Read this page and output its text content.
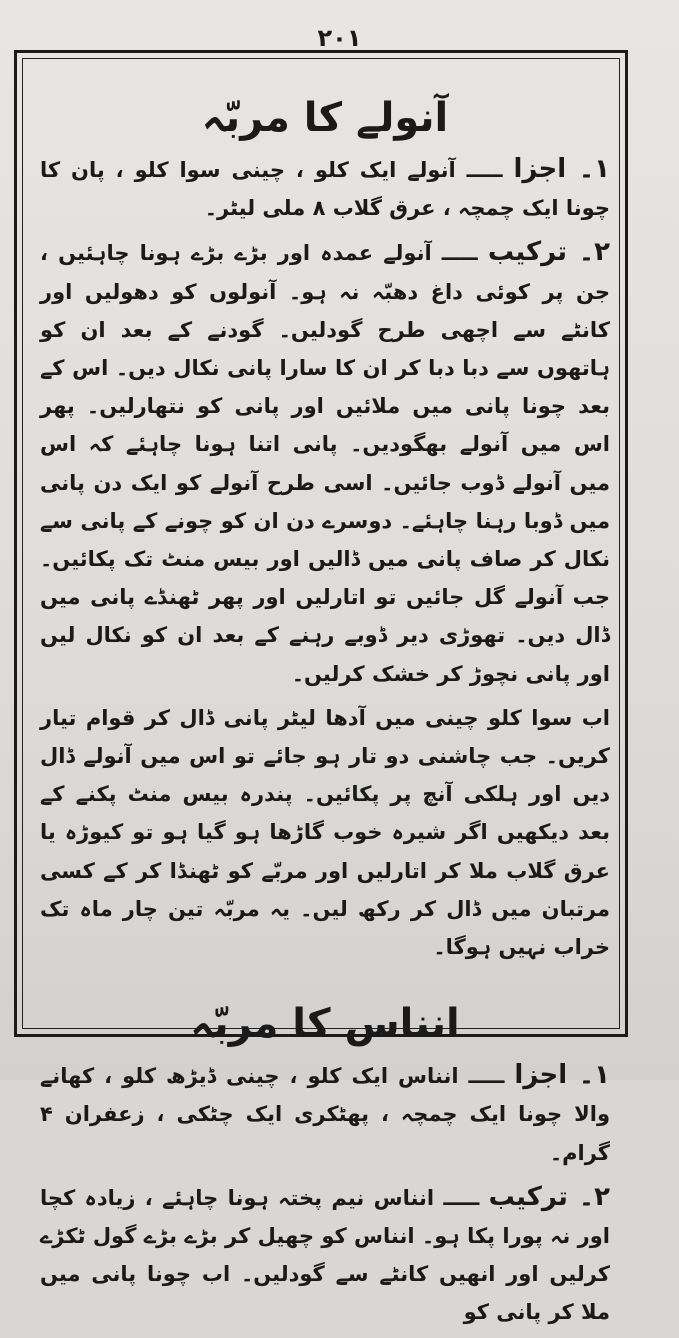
۲۰۱
آنولے کا مربّہ

۱۔ اجزا ـــــ آنولے ایک کلو ، چینی سوا کلو ، پان کا چونا ایک چمچہ ، عرق گلاب ۸ ملی لیٹر۔

۲۔ ترکیب ـــــ آنولے عمدہ اور بڑے بڑے ہونا چاہئیں ، جن پر کوئی داغ دھبّہ نہ ہو۔ آنولوں کو دھولیں اور کانٹے سے اچھی طرح گودلیں۔ گودنے کے بعد ان کو ہاتھوں سے دبا دبا کر ان کا سارا پانی نکال دیں۔ اس کے بعد چونا پانی میں ملائیں اور پانی کو نتھارلیں۔ پھر اس میں آنولے بھگودیں۔ پانی اتنا ہونا چاہئے کہ اس میں آنولے ڈوب جائیں۔ اسی طرح آنولے کو ایک دن پانی میں ڈوبا رہنا چاہئے۔ دوسرے دن ان کو چونے کے پانی سے نکال کر صاف پانی میں ڈالیں اور بیس منٹ تک پکائیں۔ جب آنولے گل جائیں تو اتارلیں اور پھر ٹھنڈے پانی میں ڈال دیں۔ تھوڑی دیر ڈوبے رہنے کے بعد ان کو نکال لیں اور پانی نچوڑ کر خشک کرلیں۔

اب سوا کلو چینی میں آدھا لیٹر پانی ڈال کر قوام تیار کریں۔ جب چاشنی دو تار ہو جائے تو اس میں آنولے ڈال دیں اور ہلکی آنچ پر پکائیں۔ پندرہ بیس منٹ پکنے کے بعد دیکھیں اگر شیرہ خوب گاڑھا ہو گیا ہو تو کیوڑہ یا عرق گلاب ملا کر اتارلیں اور مربّے کو ٹھنڈا کر کے کسی مرتبان میں ڈال کر رکھ لیں۔ یہ مربّہ تین چار ماہ تک خراب نہیں ہوگا۔

انناس کا مربّہ

۱۔ اجزا ـــــ انناس ایک کلو ، چینی ڈیڑھ کلو ، کھانے والا چونا ایک چمچہ ، پھٹکری ایک چٹکی ، زعفران ۴ گرام۔

۲۔ ترکیب ـــــ انناس نیم پختہ ہونا چاہئے ، زیادہ کچا اور نہ پورا پکا ہو۔ انناس کو چھیل کر بڑے بڑے گول ٹکڑے کرلیں اور انھیں کانٹے سے گودلیں۔ اب چونا پانی میں ملا کر پانی کو
